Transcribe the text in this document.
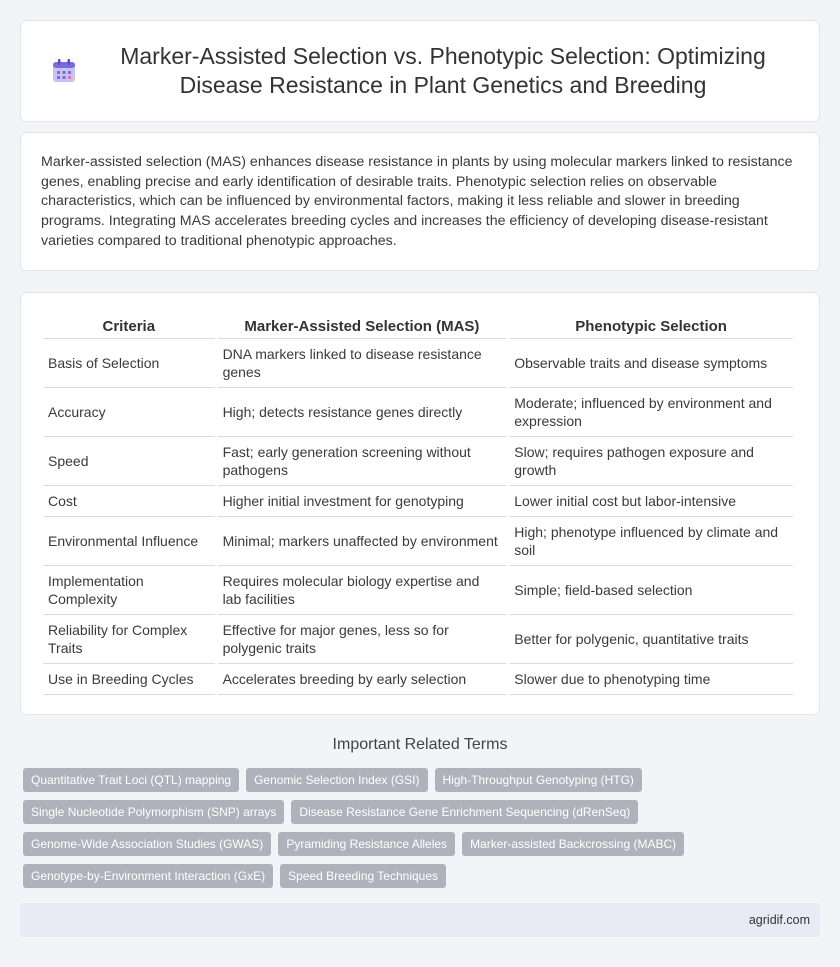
Marker-Assisted Selection vs. Phenotypic Selection: Optimizing Disease Resistance in Plant Genetics and Breeding

Marker-assisted selection (MAS) enhances disease resistance in plants by using molecular markers linked to resistance genes, enabling precise and early identification of desirable traits. Phenotypic selection relies on observable characteristics, which can be influenced by environmental factors, making it less reliable and slower in breeding programs. Integrating MAS accelerates breeding cycles and increases the efficiency of developing disease-resistant varieties compared to traditional phenotypic approaches.

Criteria	Marker-Assisted Selection (MAS)	Phenotypic Selection
Basis of Selection	DNA markers linked to disease resistance genes	Observable traits and disease symptoms
Accuracy	High; detects resistance genes directly	Moderate; influenced by environment and expression
Speed	Fast; early generation screening without pathogens	Slow; requires pathogen exposure and growth
Cost	Higher initial investment for genotyping	Lower initial cost but labor-intensive
Environmental Influence	Minimal; markers unaffected by environment	High; phenotype influenced by climate and soil
Implementation Complexity	Requires molecular biology expertise and lab facilities	Simple; field-based selection
Reliability for Complex Traits	Effective for major genes, less so for polygenic traits	Better for polygenic, quantitative traits
Use in Breeding Cycles	Accelerates breeding by early selection	Slower due to phenotyping time
Important Related Terms
Quantitative Trait Loci (QTL) mapping	Genomic Selection Index (GSI)	High-Throughput Genotyping (HTG)
Single Nucleotide Polymorphism (SNP) arrays	Disease Resistance Gene Enrichment Sequencing (dRenSeq)
Genome-Wide Association Studies (GWAS)	Pyramiding Resistance Alleles	Marker-assisted Backcrossing (MABC)
Genotype-by-Environment Interaction (GxE)	Speed Breeding Techniques
agridif.com
